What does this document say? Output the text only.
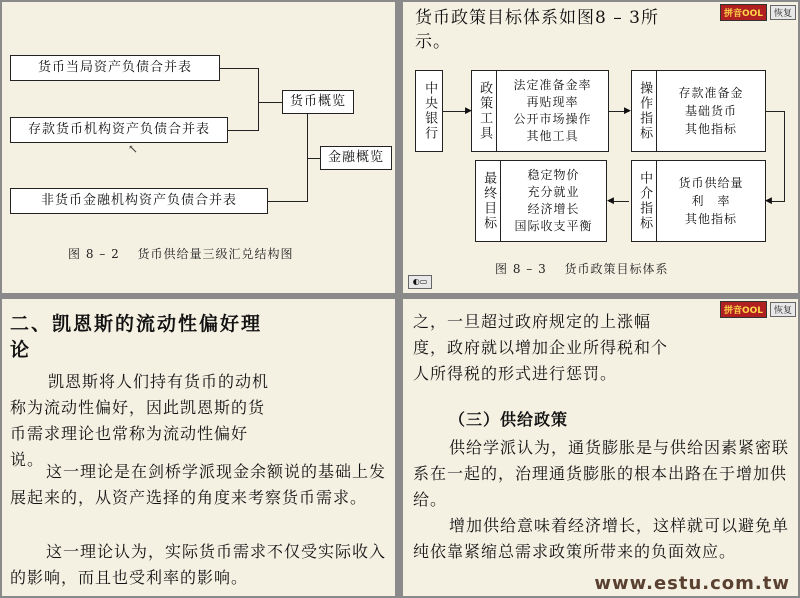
货币当局资产负债合并表
存款货币机构资产负债合并表
非货币金融机构资产负债合并表
货币概览
金融概览
↖
图 8 – 2　 货币供给量三级汇兑结构图
拼音OOL	恢复

货币政策目标体系如图8 – 3所示。

中央银行	政策工具	法定准备金率
再贴现率
公开市场操作
其他工具	操作指标	存款准备金
基础货币
其他指标
中介指标	货币供给量
利　率
其他指标
最终目标	稳定物价
充分就业
经济增长
国际收支平衡
▶	▶
◀
◀
图 8 – 3　 货币政策目标体系
◐▭
二、凯恩斯的流动性偏好理论

凯恩斯将人们持有货币的动机称为流动性偏好，因此凯恩斯的货币需求理论也常称为流动性偏好说。

这一理论是在剑桥学派现金余额说的基础上发展起来的，从资产选择的角度来考察货币需求。

这一理论认为，实际货币需求不仅受实际收入的影响，而且也受利率的影响。

拼音OOL	恢复

之，一旦超过政府规定的上涨幅度，政府就以增加企业所得税和个人所得税的形式进行惩罚。

（三）供给政策

供给学派认为，通货膨胀是与供给因素紧密联系在一起的，治理通货膨胀的根本出路在于增加供给。

增加供给意味着经济增长，这样就可以避免单纯依靠紧缩总需求政策所带来的负面效应。

www.estu.com.tw
